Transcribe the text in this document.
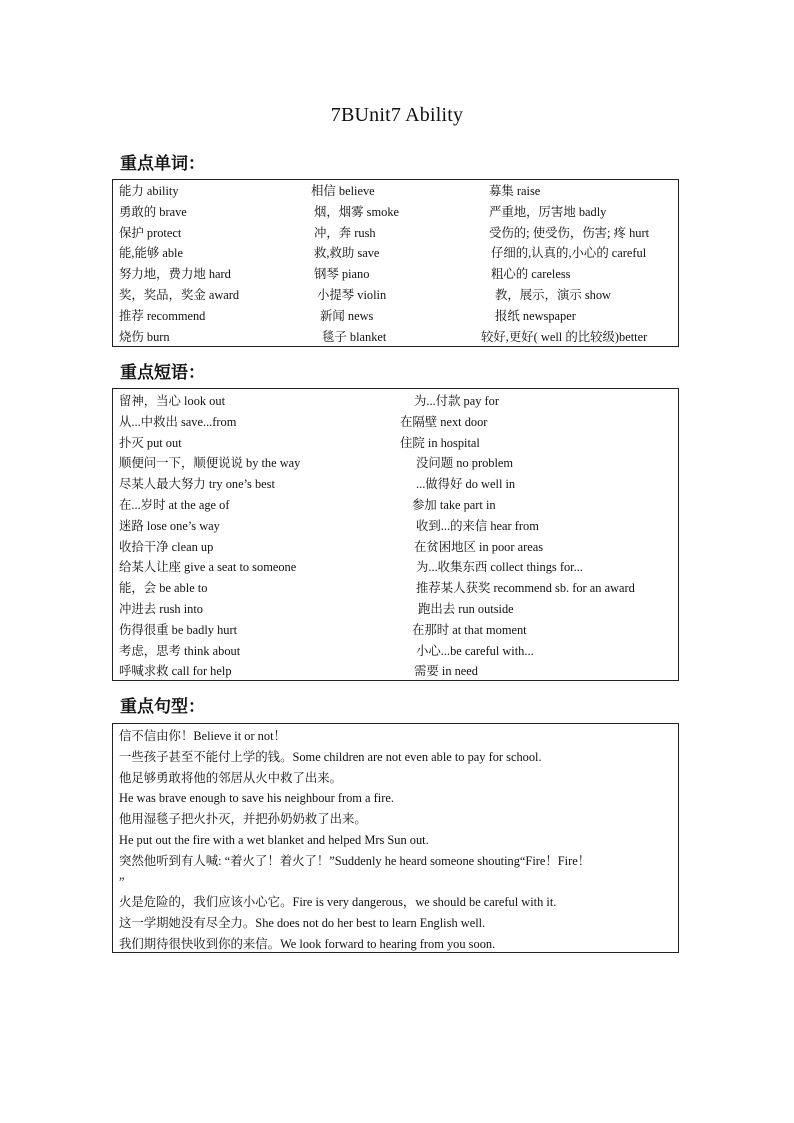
7BUnit7 Ability
重点单词：
能力 ability	相信 believe	募集 raise
勇敢的 brave	烟，烟雾 smoke	严重地，厉害地 badly
保护 protect	冲，奔 rush	受伤的; 使受伤，伤害; 疼 hurt
能,能够 able	救,救助 save	仔细的,认真的,小心的 careful
努力地，费力地 hard	钢琴 piano	粗心的 careless
奖，奖品，奖金 award	小提琴 violin	教，展示，演示 show
推荐 recommend	新闻 news	报纸 newspaper
烧伤 burn	毯子 blanket	较好,更好( well 的比较级)better
重点短语：
留神，当心 look out	为...付款 pay for
从...中救出 save...from	在隔壁 next door
扑灭 put out	住院 in hospital
顺便问一下，顺便说说 by the way	没问题 no problem
尽某人最大努力 try one’s best	...做得好 do well in
在...岁时 at the age of	参加 take part in
迷路 lose one’s way	收到...的来信 hear from
收拾干净 clean up	在贫困地区 in poor areas
给某人让座 give a seat to someone	为...收集东西 collect things for...
能，会 be able to	推荐某人获奖 recommend sb. for an award
冲进去 rush into	跑出去 run outside
伤得很重 be badly hurt	在那时 at that moment
考虑，思考 think about	小心...be careful with...
呼喊求救 call for help	需要 in need
重点句型：
信不信由你！Believe it or not！
一些孩子甚至不能付上学的钱。Some children are not even able to pay for school.
他足够勇敢将他的邻居从火中救了出来。
He was brave enough to save his neighbour from a fire.
他用湿毯子把火扑灭，并把孙奶奶救了出来。
He put out the fire with a wet blanket and helped Mrs Sun out.
突然他听到有人喊: “着火了！着火了！”Suddenly he heard someone shouting“Fire！Fire！
”
火是危险的，我们应该小心它。Fire is very dangerous，we should be careful with it.
这一学期她没有尽全力。She does not do her best to learn English well.
我们期待很快收到你的来信。We look forward to hearing from you soon.
